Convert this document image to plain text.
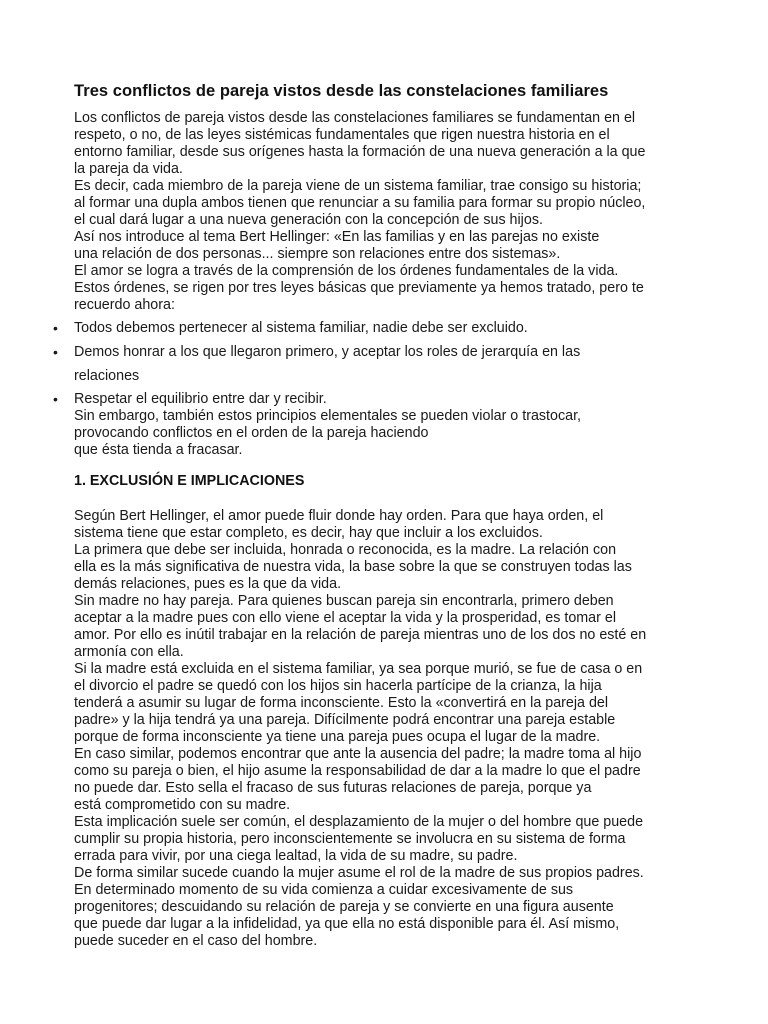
Tres conflictos de pareja vistos desde las constelaciones familiares
Los conflictos de pareja vistos desde las constelaciones familiares se fundamentan en el
respeto, o no, de las leyes sistémicas fundamentales que rigen nuestra historia en el
entorno familiar, desde sus orígenes hasta la formación de una nueva generación a la que
la pareja da vida.
Es decir, cada miembro de la pareja viene de un sistema familiar, trae consigo su historia;
al formar una dupla ambos tienen que renunciar a su familia para formar su propio núcleo,
el cual dará lugar a una nueva generación con la concepción de sus hijos.
Así nos introduce al tema Bert Hellinger: «En las familias y en las parejas no existe
una relación de dos personas... siempre son relaciones entre dos sistemas».
El amor se logra a través de la comprensión de los órdenes fundamentales de la vida.
Estos órdenes, se rigen por tres leyes básicas que previamente ya hemos tratado, pero te
recuerdo ahora:
• Todos debemos pertenecer al sistema familiar, nadie debe ser excluido.
• Demos honrar a los que llegaron primero, y aceptar los roles de jerarquía en las
relaciones
• Respetar el equilibrio entre dar y recibir.
Sin embargo, también estos principios elementales se pueden violar o trastocar,
provocando conflictos en el orden de la pareja haciendo
que ésta tienda a fracasar.
1. EXCLUSIÓN E IMPLICACIONES
Según Bert Hellinger, el amor puede fluir donde hay orden. Para que haya orden, el
sistema tiene que estar completo, es decir, hay que incluir a los excluidos.
La primera que debe ser incluida, honrada o reconocida, es la madre. La relación con
ella es la más significativa de nuestra vida, la base sobre la que se construyen todas las
demás relaciones, pues es la que da vida.
Sin madre no hay pareja. Para quienes buscan pareja sin encontrarla, primero deben
aceptar a la madre pues con ello viene el aceptar la vida y la prosperidad, es tomar el
amor. Por ello es inútil trabajar en la relación de pareja mientras uno de los dos no esté en
armonía con ella.
Si la madre está excluida en el sistema familiar, ya sea porque murió, se fue de casa o en
el divorcio el padre se quedó con los hijos sin hacerla partícipe de la crianza, la hija
tenderá a asumir su lugar de forma inconsciente. Esto la «convertirá en la pareja del
padre» y la hija tendrá ya una pareja. Difícilmente podrá encontrar una pareja estable
porque de forma inconsciente ya tiene una pareja pues ocupa el lugar de la madre.
En caso similar, podemos encontrar que ante la ausencia del padre; la madre toma al hijo
como su pareja o bien, el hijo asume la responsabilidad de dar a la madre lo que el padre
no puede dar. Esto sella el fracaso de sus futuras relaciones de pareja, porque ya
está comprometido con su madre.
Esta implicación suele ser común, el desplazamiento de la mujer o del hombre que puede
cumplir su propia historia, pero inconscientemente se involucra en su sistema de forma
errada para vivir, por una ciega lealtad, la vida de su madre, su padre.
De forma similar sucede cuando la mujer asume el rol de la madre de sus propios padres.
En determinado momento de su vida comienza a cuidar excesivamente de sus
progenitores; descuidando su relación de pareja y se convierte en una figura ausente
que puede dar lugar a la infidelidad, ya que ella no está disponible para él. Así mismo,
puede suceder en el caso del hombre.
